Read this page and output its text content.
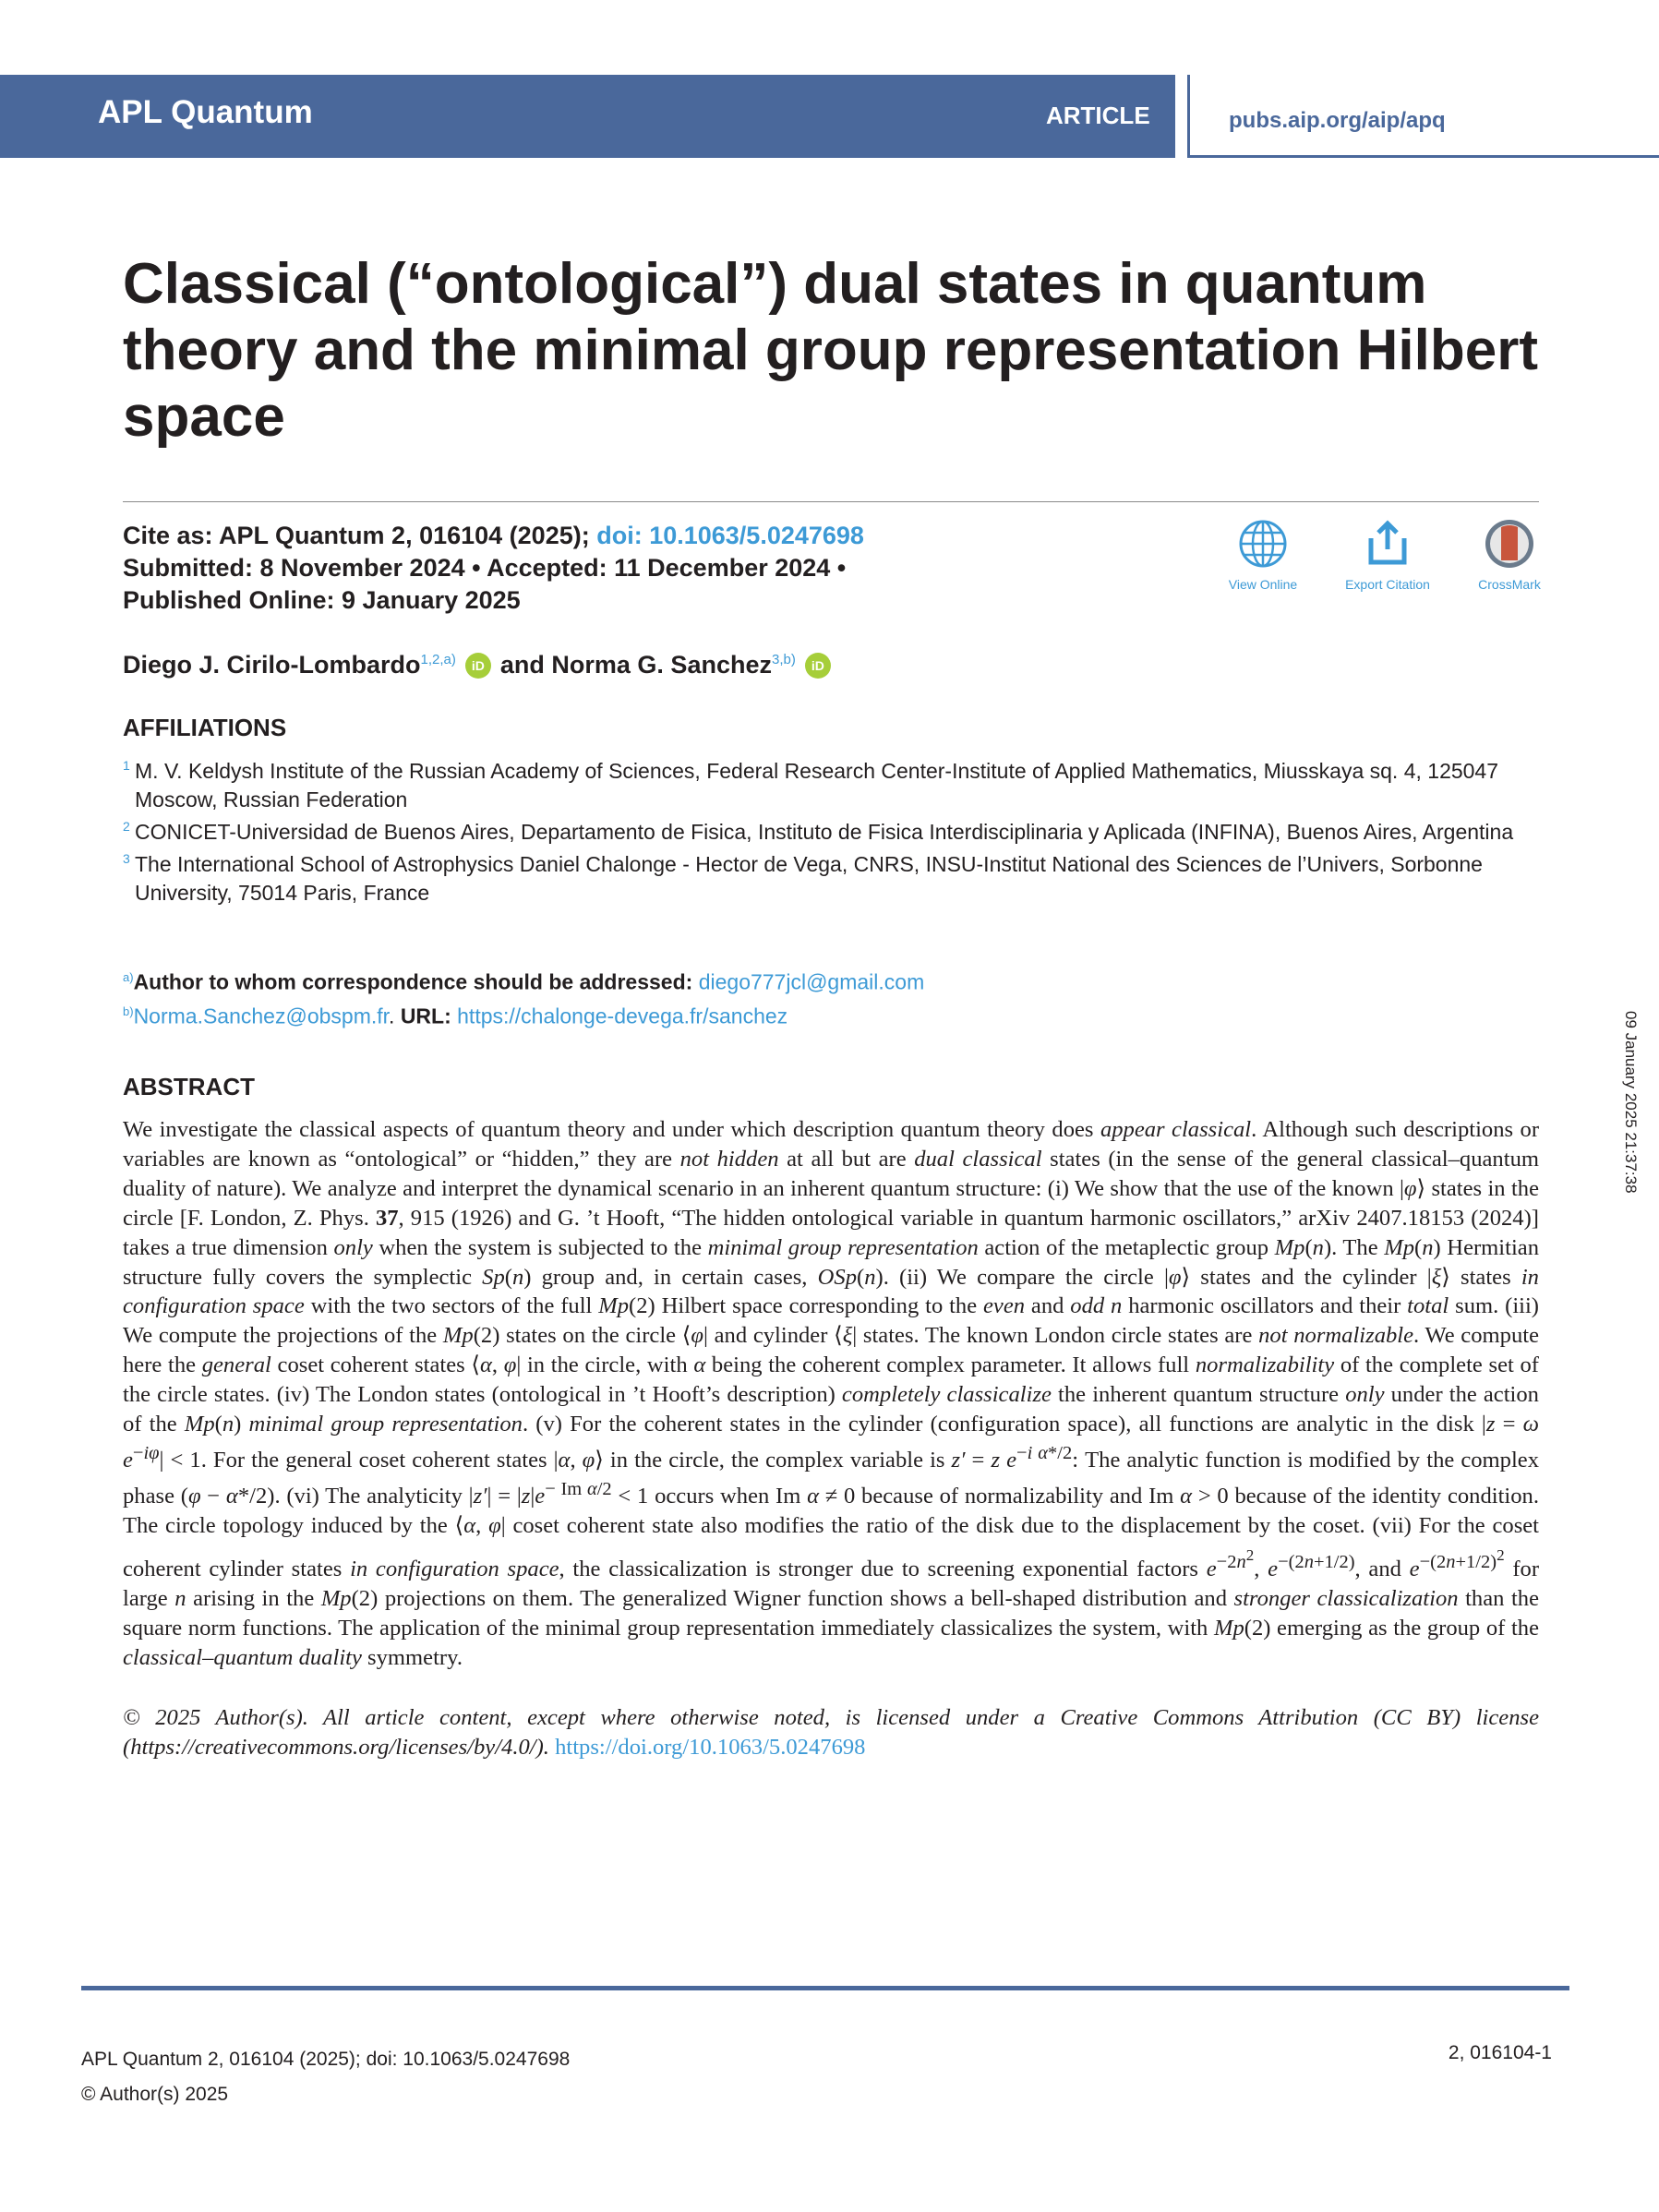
APL Quantum	ARTICLE	pubs.aip.org/aip/apq
Classical (“ontological”) dual states in quantum theory and the minimal group representation Hilbert space
Cite as: APL Quantum 2, 016104 (2025); doi: 10.1063/5.0247698
Submitted: 8 November 2024 • Accepted: 11 December 2024 •
Published Online: 9 January 2025
View Online	Export Citation	CrossMark
Diego J. Cirilo-Lombardo$^{1,2,a)}$ iD and Norma G. Sanchez$^{3,b)}$ iD
AFFILIATIONS
1 M. V. Keldysh Institute of the Russian Academy of Sciences, Federal Research Center-Institute of Applied Mathematics, Miusskaya sq. 4, 125047 Moscow, Russian Federation
2 CONICET-Universidad de Buenos Aires, Departamento de Fisica, Instituto de Fisica Interdisciplinaria y Aplicada (INFINA), Buenos Aires, Argentina
3 The International School of Astrophysics Daniel Chalonge - Hector de Vega, CNRS, INSU-Institut National des Sciences de l’Univers, Sorbonne University, 75014 Paris, France
$^{a)}$Author to whom correspondence should be addressed: diego777jcl@gmail.com
$^{b)}$Norma.Sanchez@obspm.fr. URL: https://chalonge-devega.fr/sanchez	09 January 2025 21:37:38
ABSTRACT
We investigate the classical aspects of quantum theory and under which description quantum theory does appear classical. Although such descriptions or variables are known as “ontological” or “hidden,” they are not hidden at all but are dual classical states (in the sense of the general classical–quantum duality of nature). We analyze and interpret the dynamical scenario in an inherent quantum structure: (i) We show that the use of the known |φ⟩ states in the circle [F. London, Z. Phys. 37, 915 (1926) and G. ’t Hooft, “The hidden ontological variable in quantum harmonic oscillators,” arXiv 2407.18153 (2024)] takes a true dimension only when the system is subjected to the minimal group representation action of the metaplectic group Mp(n). The Mp(n) Hermitian structure fully covers the symplectic Sp(n) group and, in certain cases, OSp(n). (ii) We compare the circle |φ⟩ states and the cylinder |ξ⟩ states in configuration space with the two sectors of the full Mp(2) Hilbert space corresponding to the even and odd n harmonic oscillators and their total sum. (iii) We compute the projections of the Mp(2) states on the circle ⟨φ| and cylinder ⟨ξ| states. The known London circle states are not normalizable. We compute here the general coset coherent states ⟨α, φ| in the circle, with α being the coherent complex parameter. It allows full normalizability of the complete set of the circle states. (iv) The London states (ontological in ’t Hooft’s description) completely classicalize the inherent quantum structure only under the action of the Mp(n) minimal group representation. (v) For the coherent states in the cylinder (configuration space), all functions are analytic in the disk |z = ω $e^{-i\varphi}| < 1$. For the general coset coherent states |α, φ⟩ in the circle, the complex variable is z′ = z $e^{-i \alpha*/2}$: The analytic function is modified by the complex phase (φ − α*/2). (vi) The analyticity $|z'| = |z|e^{- Im \alpha/2} < 1$ occurs when Im α ≠ 0 because of normalizability and Im α > 0 because of the identity condition. The circle topology induced by the ⟨α, φ| coset coherent state also modifies the ratio of the disk due to the displacement by the coset. (vii) For the coset coherent cylinder states in configuration space, the classicalization is stronger due to screening exponential factors $e^{-2n^2}$, $e^{-(2n+1/2)}$, and $e^{-(2n+1/2)^2}$ for large n arising in the Mp(2) projections on them. The generalized Wigner function shows a bell-shaped distribution and stronger classicalization than the square norm functions. The application of the minimal group representation immediately classicalizes the system, with Mp(2) emerging as the group of the classical–quantum duality symmetry.
© 2025 Author(s). All article content, except where otherwise noted, is licensed under a Creative Commons Attribution (CC BY) license (https://creativecommons.org/licenses/by/4.0/). https://doi.org/10.1063/5.0247698
APL Quantum 2, 016104 (2025); doi: 10.1063/5.0247698
© Author(s) 2025
2, 016104-1
